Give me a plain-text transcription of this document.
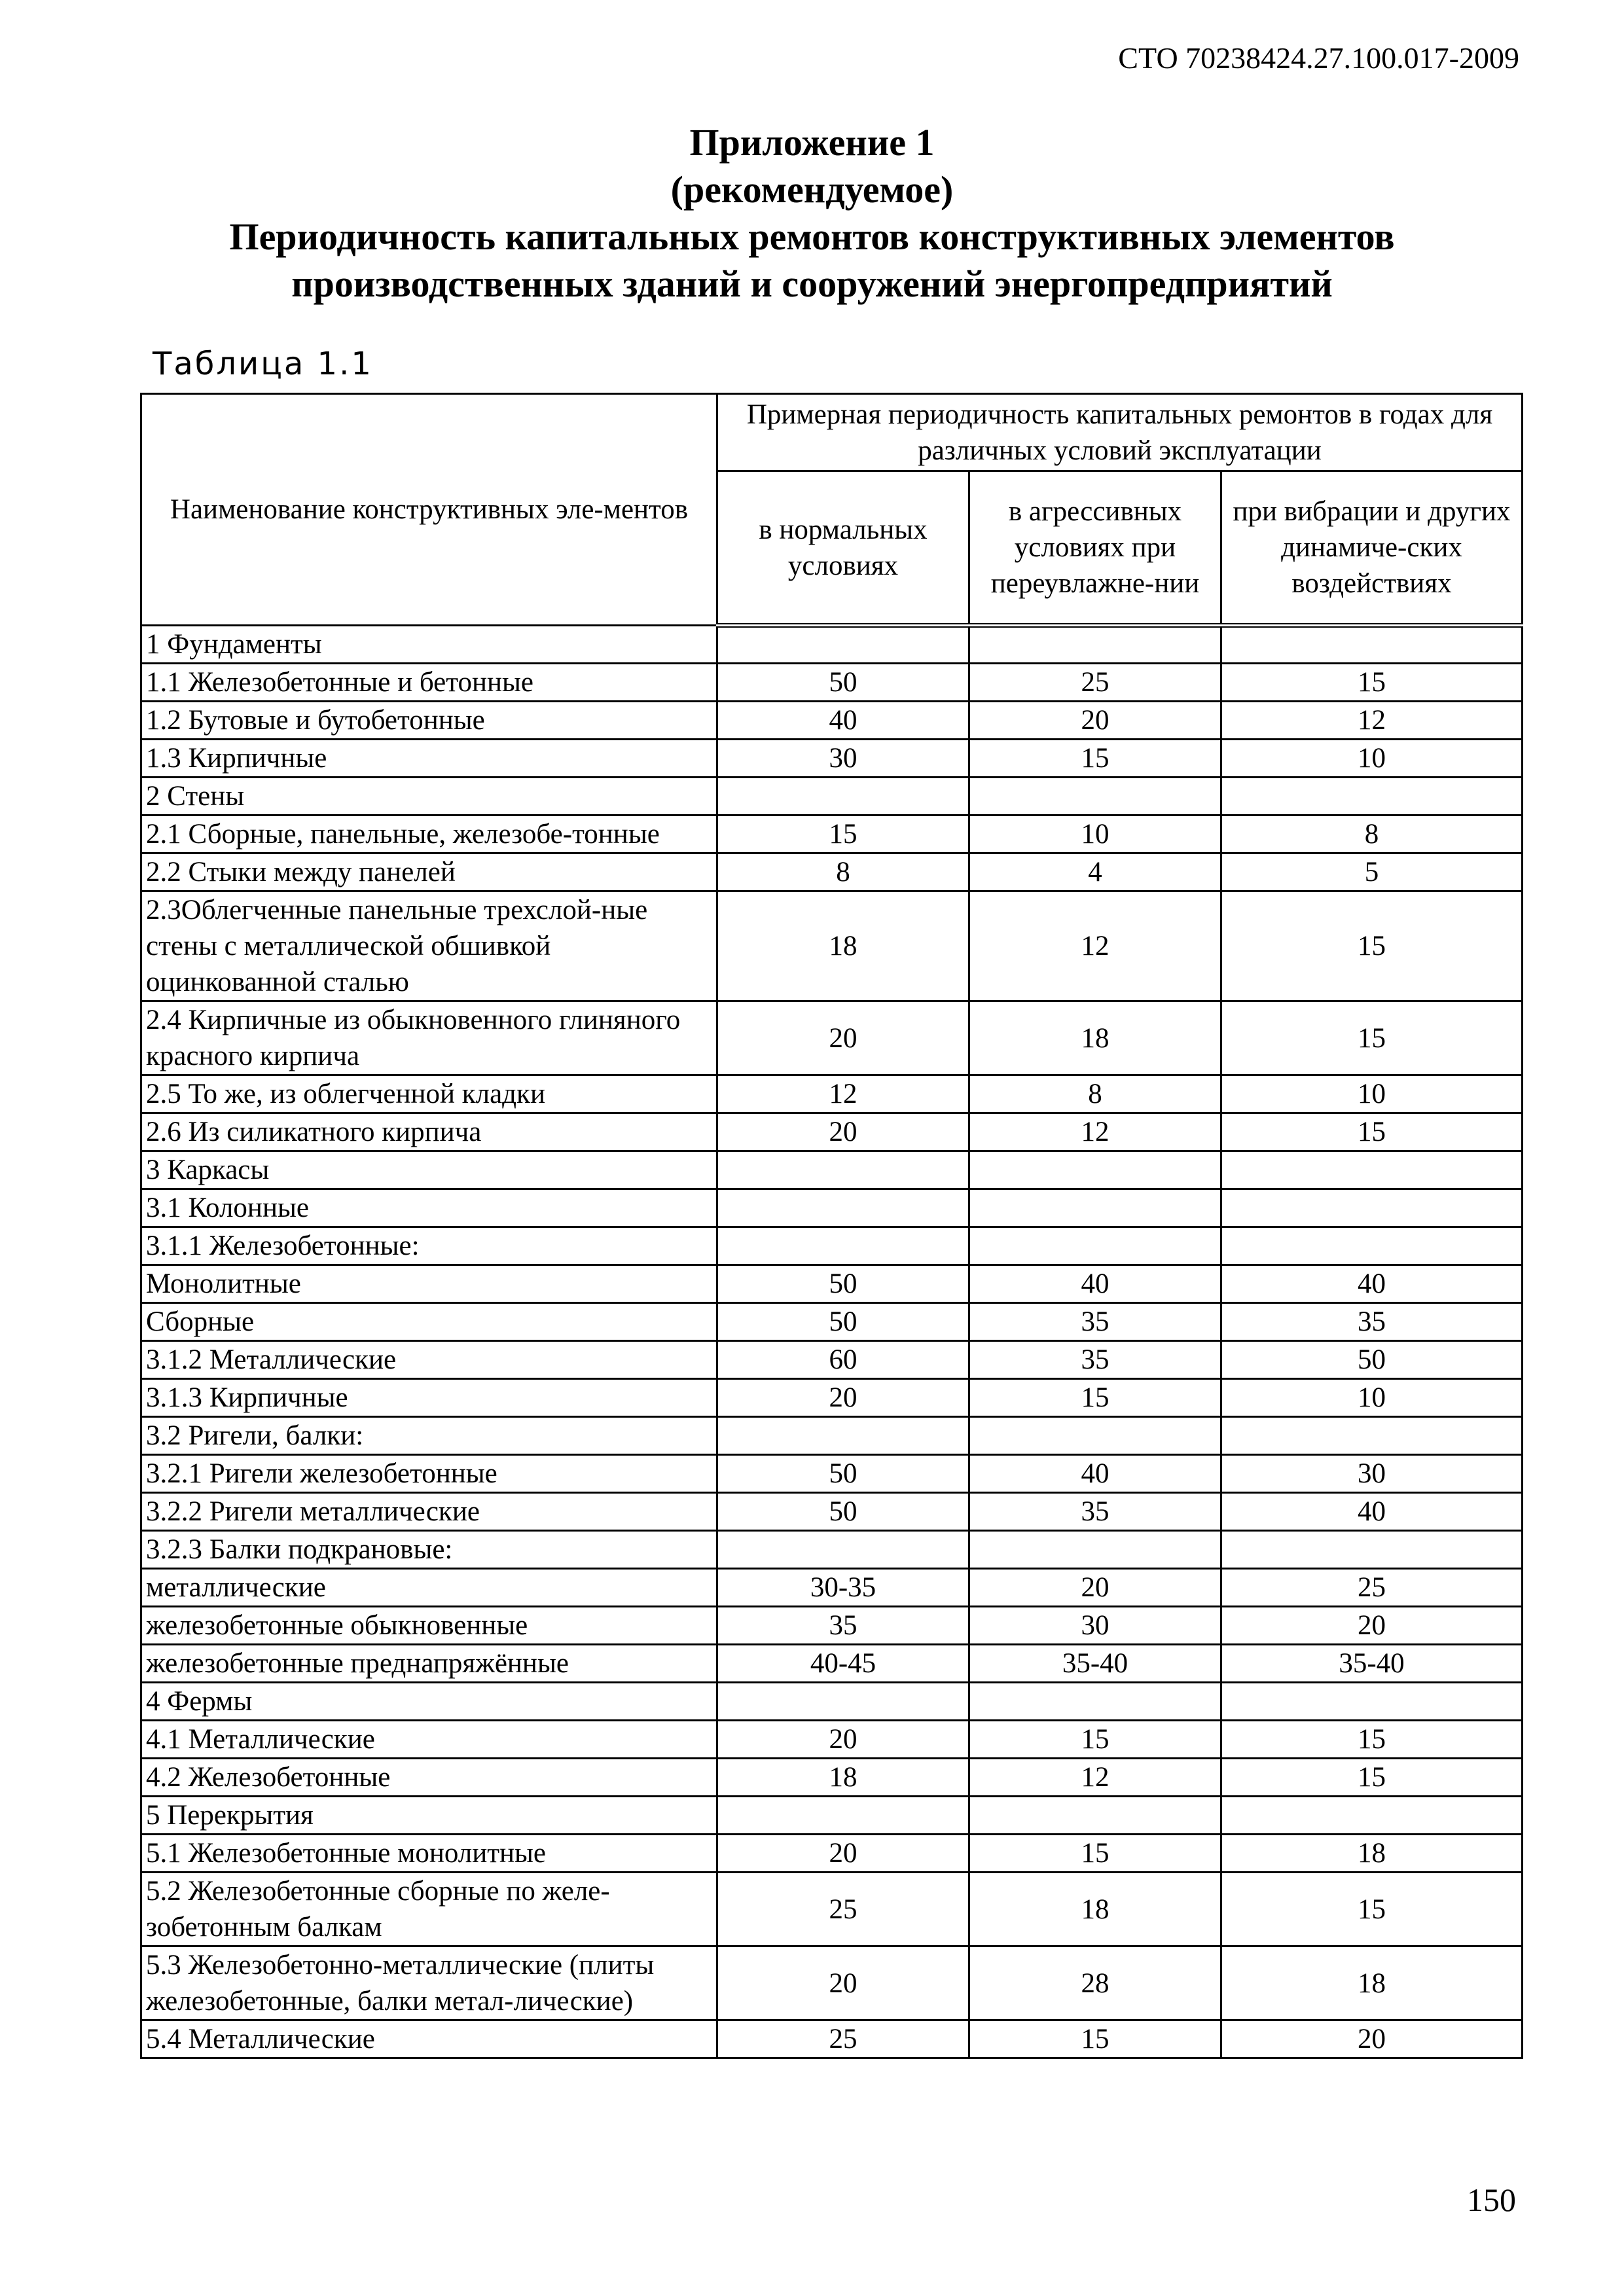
СТО 70238424.27.100.017-2009
Приложение 1
(рекомендуемое)
Периодичность капитальных ремонтов конструктивных элементов
производственных зданий и сооружений энергопредприятий
Таблица 1.1
Наименование конструктивных эле-ментов	Примерная периодичность капитальных ремонтов в годах для различных условий эксплуатации		
	в нормальных условиях	в агрессивных условиях при переувлажне-нии	при вибрации и других динамиче-ских воздействиях
1 Фундаменты			
1.1 Железобетонные и бетонные	50	25	15
1.2 Бутовые и бутобетонные	40	20	12
1.3 Кирпичные	30	15	10
2 Стены			
2.1 Сборные, панельные, железобе-тонные	15	10	8
2.2 Стыки между панелей	8	4	5
2.3Облегченные панельные трехслой-ные стены с металлической обшивкой оцинкованной сталью	18	12	15
2.4 Кирпичные из обыкновенного глиняного красного кирпича	20	18	15
2.5 То же, из облегченной кладки	12	8	10
2.6 Из силикатного кирпича	20	12	15
3 Каркасы			
3.1 Колонные			
3.1.1 Железобетонные:			
Монолитные	50	40	40
Сборные	50	35	35
3.1.2 Металлические	60	35	50
3.1.3 Кирпичные	20	15	10
3.2 Ригели, балки:			
3.2.1 Ригели железобетонные	50	40	30
3.2.2 Ригели металлические	50	35	40
3.2.3 Балки подкрановые:			
металлические	30-35	20	25
железобетонные обыкновенные	35	30	20
железобетонные преднапряжённые	40-45	35-40	35-40
4 Фермы			
4.1 Металлические	20	15	15
4.2 Железобетонные	18	12	15
5 Перекрытия			
5.1 Железобетонные монолитные	20	15	18
5.2 Железобетонные сборные по желе-зобетонным балкам	25	18	15
5.3 Железобетонно-металлические (плиты железобетонные, балки метал-лические)	20	28	18
5.4 Металлические	25	15	20
150
